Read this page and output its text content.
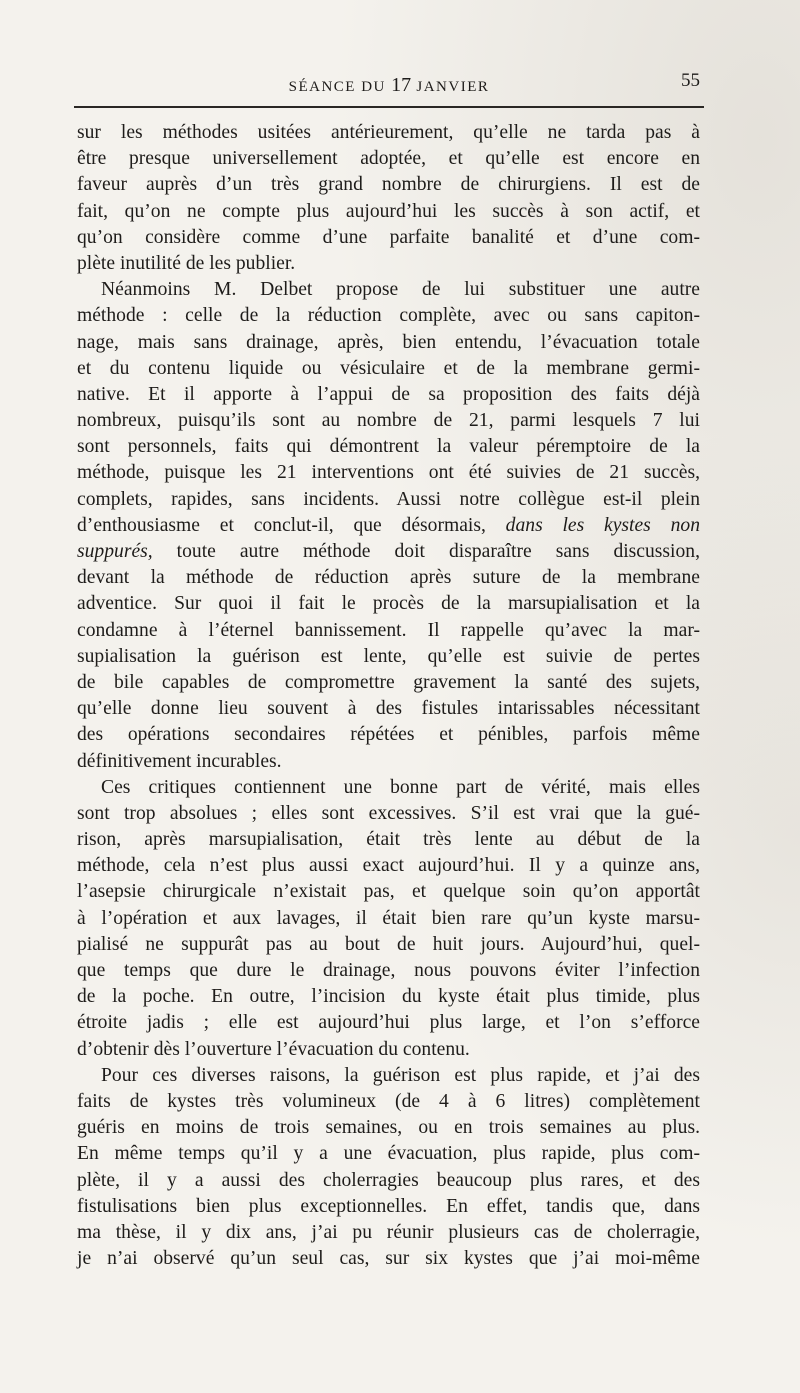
SÉANCE DU 17 JANVIER	55
sur les méthodes usitées antérieurement, qu’elle ne tarda pas à
être presque universellement adoptée, et qu’elle est encore en
faveur auprès d’un très grand nombre de chirurgiens. Il est de
fait, qu’on ne compte plus aujourd’hui les succès à son actif, et
qu’on considère comme d’une parfaite banalité et d’une com-
plète inutilité de les publier.
Néanmoins M. Delbet propose de lui substituer une autre
méthode : celle de la réduction complète, avec ou sans capiton-
nage, mais sans drainage, après, bien entendu, l’évacuation totale
et du contenu liquide ou vésiculaire et de la membrane germi-
native. Et il apporte à l’appui de sa proposition des faits déjà
nombreux, puisqu’ils sont au nombre de 21, parmi lesquels 7 lui
sont personnels, faits qui démontrent la valeur péremptoire de la
méthode, puisque les 21 interventions ont été suivies de 21 succès,
complets, rapides, sans incidents. Aussi notre collègue est-il plein
d’enthousiasme et conclut-il, que désormais, dans les kystes non
suppurés, toute autre méthode doit disparaître sans discussion,
devant la méthode de réduction après suture de la membrane
adventice. Sur quoi il fait le procès de la marsupialisation et la
condamne à l’éternel bannissement. Il rappelle qu’avec la mar-
supialisation la guérison est lente, qu’elle est suivie de pertes
de bile capables de compromettre gravement la santé des sujets,
qu’elle donne lieu souvent à des fistules intarissables nécessitant
des opérations secondaires répétées et pénibles, parfois même
définitivement incurables.
Ces critiques contiennent une bonne part de vérité, mais elles
sont trop absolues ; elles sont excessives. S’il est vrai que la gué-
rison, après marsupialisation, était très lente au début de la
méthode, cela n’est plus aussi exact aujourd’hui. Il y a quinze ans,
l’asepsie chirurgicale n’existait pas, et quelque soin qu’on apportât
à l’opération et aux lavages, il était bien rare qu’un kyste marsu-
pialisé ne suppurât pas au bout de huit jours. Aujourd’hui, quel-
que temps que dure le drainage, nous pouvons éviter l’infection
de la poche. En outre, l’incision du kyste était plus timide, plus
étroite jadis ; elle est aujourd’hui plus large, et l’on s’efforce
d’obtenir dès l’ouverture l’évacuation du contenu.
Pour ces diverses raisons, la guérison est plus rapide, et j’ai des
faits de kystes très volumineux (de 4 à 6 litres) complètement
guéris en moins de trois semaines, ou en trois semaines au plus.
En même temps qu’il y a une évacuation, plus rapide, plus com-
plète, il y a aussi des cholerragies beaucoup plus rares, et des
fistulisations bien plus exceptionnelles. En effet, tandis que, dans
ma thèse, il y dix ans, j’ai pu réunir plusieurs cas de cholerragie,
je n’ai observé qu’un seul cas, sur six kystes que j’ai moi-même
